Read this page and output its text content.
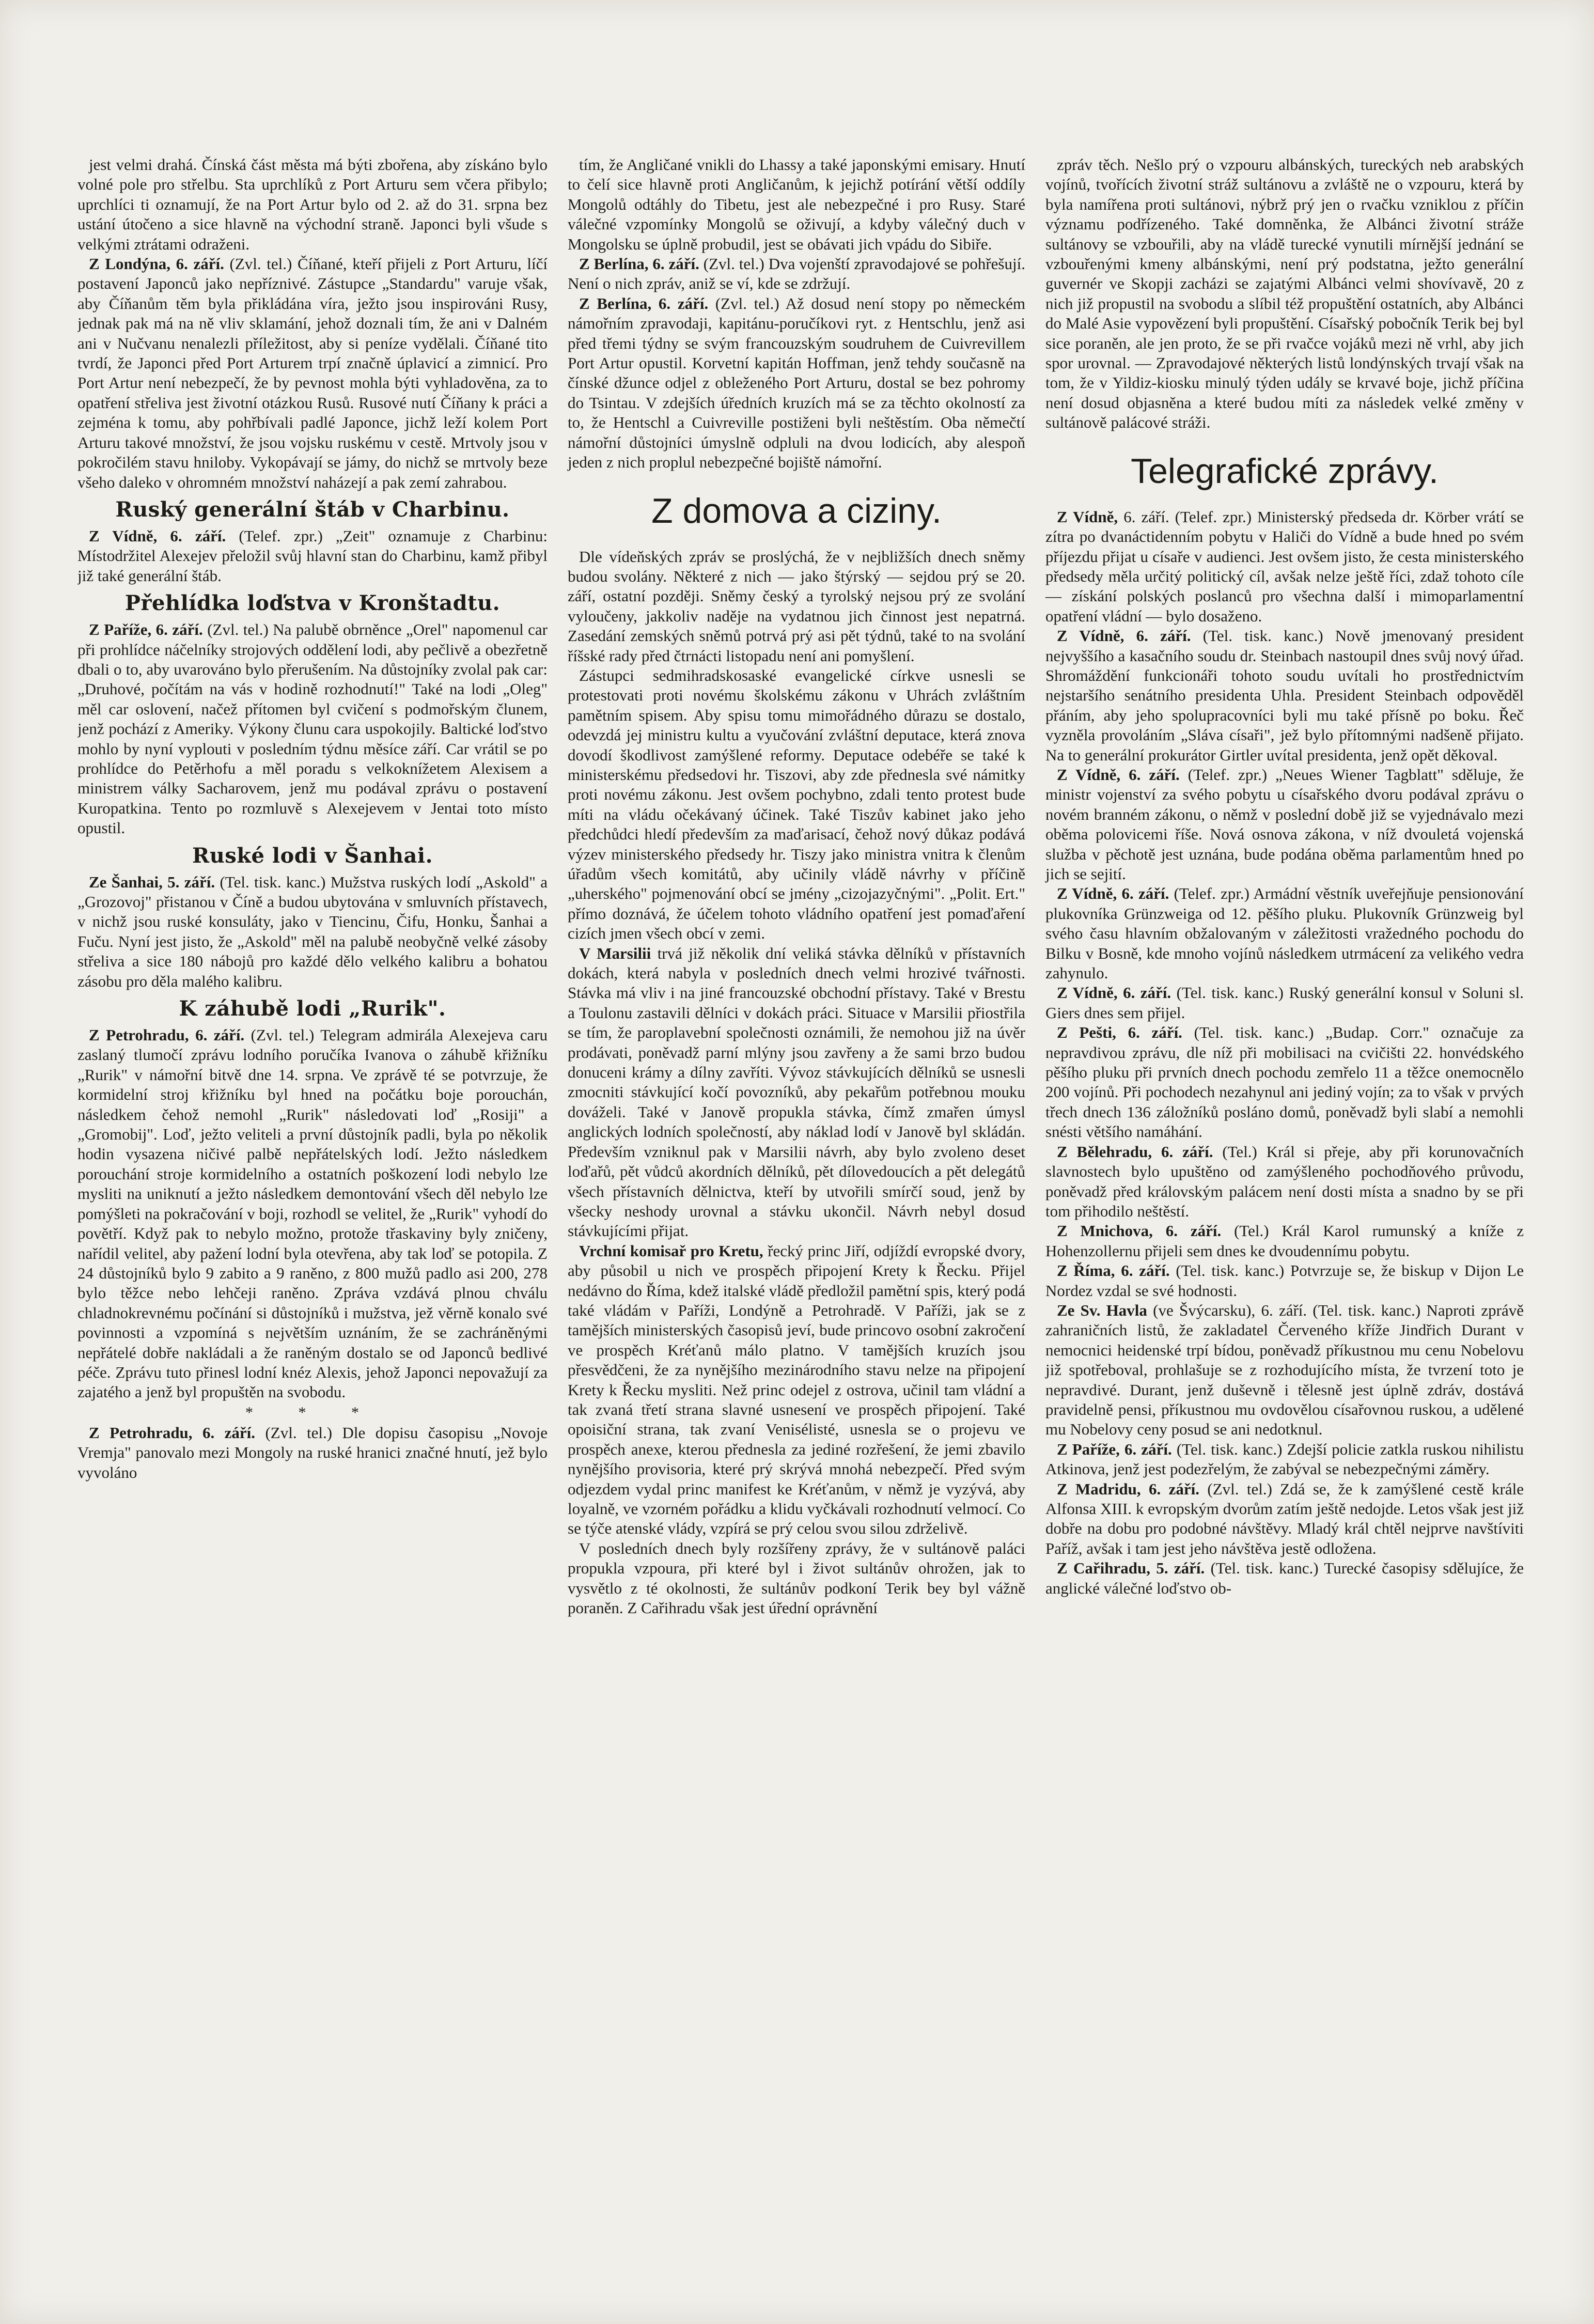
jest velmi drahá. Čínská část města má býti zbořena, aby získáno bylo volné pole pro střelbu. Sta uprchlíků z Port Arturu sem včera přibylo; uprchlíci ti oznamují, že na Port Artur bylo od 2. až do 31. srpna bez ustání útočeno a sice hlavně na východní straně. Japonci byli všude s velkými ztrátami odraženi.

Z Londýna, 6. září. (Zvl. tel.) Číňané, kteří přijeli z Port Arturu, líčí postavení Japonců jako nepříznivé. Zástupce „Standardu" varuje však, aby Číňanům těm byla přikládána víra, ježto jsou inspirováni Rusy, jednak pak má na ně vliv sklamání, jehož doznali tím, že ani v Dalném ani v Nučvanu nenalezli příležitost, aby si peníze vydělali. Číňané tito tvrdí, že Japonci před Port Arturem trpí značně úplavicí a zimnicí. Pro Port Artur není nebezpečí, že by pevnost mohla býti vyhladověna, za to opatření střeliva jest životní otázkou Rusů. Rusové nutí Číňany k práci a zejména k tomu, aby pohřbívali padlé Japonce, jichž leží kolem Port Arturu takové množství, že jsou vojsku ruskému v cestě. Mrtvoly jsou v pokročilém stavu hniloby. Vykopávají se jámy, do nichž se mrtvoly beze všeho daleko v ohromném množství naházejí a pak zemí zahrabou.

Ruský generální štáb v Charbinu.

Z Vídně, 6. září. (Telef. zpr.) „Zeit" oznamuje z Charbinu: Místodržitel Alexejev přeložil svůj hlavní stan do Charbinu, kamž přibyl již také generální štáb.

Přehlídka loďstva v Kronštadtu.

Z Paříže, 6. září. (Zvl. tel.) Na palubě obrněnce „Orel" napomenul car při prohlídce náčelníky strojových oddělení lodi, aby pečlivě a obezřetně dbali o to, aby uvarováno bylo přerušením. Na důstojníky zvolal pak car: „Druhové, počítám na vás v hodině rozhodnutí!" Také na lodi „Oleg" měl car oslovení, načež přítomen byl cvičení s podmořským člunem, jenž pochází z Ameriky. Výkony člunu cara uspokojily. Baltické loďstvo mohlo by nyní vyplouti v posledním týdnu měsíce září. Car vrátil se po prohlídce do Petěrhofu a měl poradu s velkoknížetem Alexisem a ministrem války Sacharovem, jenž mu podával zprávu o postavení Kuropatkina. Tento po rozmluvě s Alexejevem v Jentai toto místo opustil.

Ruské lodi v Šanhai.

Ze Šanhai, 5. září. (Tel. tisk. kanc.) Mužstva ruských lodí „Askold" a „Grozovoj" přistanou v Číně a budou ubytována v smluvních přístavech, v nichž jsou ruské konsuláty, jako v Tiencinu, Čifu, Honku, Šanhai a Fuču. Nyní jest jisto, že „Askold" měl na palubě neobyčně velké zásoby střeliva a sice 180 nábojů pro každé dělo velkého kalibru a bohatou zásobu pro děla malého kalibru.

K záhubě lodi „Rurik".

Z Petrohradu, 6. září. (Zvl. tel.) Telegram admirála Alexejeva caru zaslaný tlumočí zprávu lodního poručíka Ivanova o záhubě křižníku „Rurik" v námořní bitvě dne 14. srpna. Ve zprávě té se potvrzuje, že kormidelní stroj křižníku byl hned na počátku boje porouchán, následkem čehož nemohl „Rurik" následovati loď „Rosiji" a „Gromobij". Loď, ježto veliteli a první důstojník padli, byla po několik hodin vysazena ničivé palbě nepřátelských lodí. Ježto následkem porouchání stroje kormidelního a ostatních poškození lodi nebylo lze mysliti na uniknutí a ježto následkem demontování všech děl nebylo lze pomýšleti na pokračování v boji, rozhodl se velitel, že „Rurik" vyhodí do povětří. Když pak to nebylo možno, protože třaskaviny byly zničeny, nařídil velitel, aby pažení lodní byla otevřena, aby tak loď se potopila. Z 24 důstojníků bylo 9 zabito a 9 raněno, z 800 mužů padlo asi 200, 278 bylo těžce nebo lehčeji raněno. Zpráva vzdává plnou chválu chladnokrevnému počínání si důstojníků i mužstva, jež věrně konalo své povinnosti a vzpomíná s největším uznáním, že se zachráněnými nepřátelé dobře nakládali a že raněným dostalo se od Japonců bedlivé péče. Zprávu tuto přinesl lodní knéz Alexis, jehož Japonci nepovažují za zajatého a jenž byl propuštěn na svobodu.

* * *

Z Petrohradu, 6. září. (Zvl. tel.) Dle dopisu časopisu „Novoje Vremja" panovalo mezi Mongoly na ruské hranici značné hnutí, jež bylo vyvoláno

tím, že Angličané vnikli do Lhassy a také japonskými emisary. Hnutí to čelí sice hlavně proti Angličanům, k jejichž potírání větší oddíly Mongolů odtáhly do Tibetu, jest ale nebezpečné i pro Rusy. Staré válečné vzpomínky Mongolů se oživují, a kdyby válečný duch v Mongolsku se úplně probudil, jest se obávati jich vpádu do Sibiře.

Z Berlína, 6. září. (Zvl. tel.) Dva vojenští zpravodajové se pohřešují. Není o nich zpráv, aniž se ví, kde se zdržují.

Z Berlína, 6. září. (Zvl. tel.) Až dosud není stopy po německém námořním zpravodaji, kapitánu-poručíkovi ryt. z Hentschlu, jenž asi před třemi týdny se svým francouzským soudruhem de Cuivrevillem Port Artur opustil. Korvetní kapitán Hoffman, jenž tehdy současně na čínské džunce odjel z obleženého Port Arturu, dostal se bez pohromy do Tsintau. V zdejších úředních kruzích má se za těchto okolností za to, že Hentschl a Cuivreville postiženi byli neštěstím. Oba němečtí námořní důstojníci úmyslně odpluli na dvou lodicích, aby alespoň jeden z nich proplul nebezpečné bojiště námořní.

Z domova a ciziny.

Dle vídeňských zpráv se proslýchá, že v nejbližších dnech sněmy budou svolány. Některé z nich — jako štýrský — sejdou prý se 20. září, ostatní později. Sněmy český a tyrolský nejsou prý ze svolání vyloučeny, jakkoliv naděje na vydatnou jich činnost jest nepatrná. Zasedání zemských sněmů potrvá prý asi pět týdnů, také to na svolání říšské rady před čtrnácti listopadu není ani pomyšlení.

Zástupci sedmihradskosaské evangelické církve usnesli se protestovati proti novému školskému zákonu v Uhrách zvláštním pamětním spisem. Aby spisu tomu mimořádného důrazu se dostalo, odevzdá jej ministru kultu a vyučování zvláštní deputace, která znova dovodí škodlivost zamýšlené reformy. Deputace odebéře se také k ministerskému předsedovi hr. Tiszovi, aby zde přednesla své námitky proti novému zákonu. Jest ovšem pochybno, zdali tento protest bude míti na vládu očekávaný účinek. Také Tiszův kabinet jako jeho předchůdci hledí především za maďarisací, čehož nový důkaz podává výzev ministerského předsedy hr. Tiszy jako ministra vnitra k členům úřadům všech komitátů, aby učinily vládě návrhy v příčině „uherského" pojmenování obcí se jmény „cizojazyčnými". „Polit. Ert." přímo doznává, že účelem tohoto vládního opatření jest pomaďaření cizích jmen všech obcí v zemi.

V Marsilii trvá již několik dní veliká stávka dělníků v přístavních dokách, která nabyla v posledních dnech velmi hrozivé tvářnosti. Stávka má vliv i na jiné francouzské obchodní přístavy. Také v Brestu a Toulonu zastavili dělníci v dokách práci. Situace v Marsilii přiostřila se tím, že paroplavební společnosti oznámili, že nemohou již na úvěr prodávati, poněvadž parní mlýny jsou zavřeny a že sami brzo budou donuceni krámy a dílny zavříti. Vývoz stávkujících dělníků se usnesli zmocniti stávkující kočí povozníků, aby pekařům potřebnou mouku dováželi. Také v Janově propukla stávka, čímž zmařen úmysl anglických lodních společností, aby náklad lodí v Janově byl skládán. Především vzniknul pak v Marsilii návrh, aby bylo zvoleno deset loďařů, pět vůdců akordních dělníků, pět dílovedoucích a pět delegátů všech přístavních dělnictva, kteří by utvořili smírčí soud, jenž by všecky neshody urovnal a stávku ukončil. Návrh nebyl dosud stávkujícími přijat.

Vrchní komisař pro Kretu, řecký princ Jiří, odjíždí evropské dvory, aby působil u nich ve prospěch připojení Krety k Řecku. Přijel nedávno do Říma, kdež italské vládě předložil pamětní spis, který podá také vládám v Paříži, Londýně a Petrohradě. V Paříži, jak se z tamějších ministerských časopisů jeví, bude princovo osobní zakročení ve prospěch Kréťanů málo platno. V tamějších kruzích jsou přesvědčeni, že za nynějšího mezinárodního stavu nelze na připojení Krety k Řecku mysliti. Než princ odejel z ostrova, učinil tam vládní a tak zvaná třetí strana slavné usnesení ve prospěch připojení. Také opoisiční strana, tak zvaní Venisélisté, usnesla se o projevu ve prospěch anexe, kterou přednesla za jediné rozřešení, že jemi zbavilo nynějšího provisoria, které prý skrývá mnohá nebezpečí. Před svým odjezdem vydal princ manifest ke Kréťanům, v němž je vyzývá, aby loyalně, ve vzorném pořádku a klidu vyčkávali rozhodnutí velmocí. Co se týče atenské vlády, vzpírá se prý celou svou silou zdrželivě.

V posledních dnech byly rozšířeny zprávy, že v sultánově paláci propukla vzpoura, při které byl i život sultánův ohrožen, jak to vysvětlo z té okolnosti, že sultánův podkoní Terik bey byl vážně poraněn. Z Cařihradu však jest úřední oprávnění

zpráv těch. Nešlo prý o vzpouru albánských, tureckých neb arabských vojínů, tvořících životní stráž sultánovu a zvláště ne o vzpouru, která by byla namířena proti sultánovi, nýbrž prý jen o rvačku vzniklou z příčin významu podřízeného. Také domněnka, že Albánci životní stráže sultánovy se vzbouřili, aby na vládě turecké vynutili mírnější jednání se vzbouřenými kmeny albánskými, není prý podstatna, ježto generální guvernér ve Skopji zacházi se zajatými Albánci velmi shovívavě, 20 z nich již propustil na svobodu a slíbil též propuštění ostatních, aby Albánci do Malé Asie vypovězení byli propuštění. Císařský pobočník Terik bej byl sice poraněn, ale jen proto, že se při rvačce vojáků mezi ně vrhl, aby jich spor urovnal. — Zpravodajové některých listů londýnských trvají však na tom, že v Yildiz-kiosku minulý týden udály se krvavé boje, jichž příčina není dosud objasněna a které budou míti za následek velké změny v sultánově palácové stráži.

Telegrafické zprávy.

Z Vídně, 6. září. (Telef. zpr.) Ministerský předseda dr. Körber vrátí se zítra po dvanáctidenním pobytu v Haliči do Vídně a bude hned po svém příjezdu přijat u císaře v audienci. Jest ovšem jisto, že cesta ministerského předsedy měla určitý politický cíl, avšak nelze ještě říci, zdaž tohoto cíle — získání polských poslanců pro všechna další i mimoparlamentní opatření vládní — bylo dosaženo.

Z Vídně, 6. září. (Tel. tisk. kanc.) Nově jmenovaný president nejvyššího a kasačního soudu dr. Steinbach nastoupil dnes svůj nový úřad. Shromáždění funkcionáři tohoto soudu uvítali ho prostřednictvím nejstaršího senátního presidenta Uhla. President Steinbach odpověděl přáním, aby jeho spolupracovníci byli mu také přísně po boku. Řeč vyzněla provoláním „Sláva císaři", jež bylo přítomnými nadšeně přijato. Na to generální prokurátor Girtler uvítal presidenta, jenž opět děkoval.

Z Vídně, 6. září. (Telef. zpr.) „Neues Wiener Tagblatt" sděluje, že ministr vojenství za svého pobytu u císařského dvoru podával zprávu o novém branném zákonu, o němž v poslední době již se vyjednávalo mezi oběma polovicemi říše. Nová osnova zákona, v níž dvouletá vojenská služba v pěchotě jest uznána, bude podána oběma parlamentům hned po jich se sejití.

Z Vídně, 6. září. (Telef. zpr.) Armádní věstník uveřejňuje pensionování plukovníka Grünzweiga od 12. pěšího pluku. Plukovník Grünzweig byl svého času hlavním obžalovaným v záležitosti vražedného pochodu do Bilku v Bosně, kde mnoho vojínů následkem utrmácení za velikého vedra zahynulo.

Z Vídně, 6. září. (Tel. tisk. kanc.) Ruský generální konsul v Soluni sl. Giers dnes sem přijel.

Z Pešti, 6. září. (Tel. tisk. kanc.) „Budap. Corr." označuje za nepravdivou zprávu, dle níž při mobilisaci na cvičišti 22. honvédského pěšího pluku při prvních dnech pochodu zemřelo 11 a těžce onemocnělo 200 vojínů. Při pochodech nezahynul ani jediný vojín; za to však v prvých třech dnech 136 záložníků posláno domů, poněvadž byli slabí a nemohli snésti většího namáhání.

Z Bělehradu, 6. září. (Tel.) Král si přeje, aby při korunovačních slavnostech bylo upuštěno od zamýšleného pochodňového průvodu, poněvadž před královským palácem není dosti místa a snadno by se při tom přihodilo neštěstí.

Z Mnichova, 6. září. (Tel.) Král Karol rumunský a kníže z Hohenzollernu přijeli sem dnes ke dvoudennímu pobytu.

Z Říma, 6. září. (Tel. tisk. kanc.) Potvrzuje se, že biskup v Dijon Le Nordez vzdal se své hodnosti.

Ze Sv. Havla (ve Švýcarsku), 6. září. (Tel. tisk. kanc.) Naproti zprávě zahraničních listů, že zakladatel Červeného kříže Jindřich Durant v nemocnici heidenské trpí bídou, poněvadž příkustnou mu cenu Nobelovu již spotřeboval, prohlašuje se z rozhodujícího místa, že tvrzení toto je nepravdivé. Durant, jenž duševně i tělesně jest úplně zdráv, dostává pravidelně pensi, příkustnou mu ovdovělou císařovnou ruskou, a udělené mu Nobelovy ceny posud se ani nedotknul.

Z Paříže, 6. září. (Tel. tisk. kanc.) Zdejší policie zatkla ruskou nihilistu Atkinova, jenž jest podezřelým, že zabýval se nebezpečnými záměry.

Z Madridu, 6. září. (Zvl. tel.) Zdá se, že k zamýšlené cestě krále Alfonsa XIII. k evropským dvorům zatím ještě nedojde. Letos však jest již dobře na dobu pro podobné návštěvy. Mladý král chtěl nejprve navštíviti Paříž, avšak i tam jest jeho návštěva jestě odložena.

Z Cařihradu, 5. září. (Tel. tisk. kanc.) Turecké časopisy sdělujíce, že anglické válečné loďstvo ob-
